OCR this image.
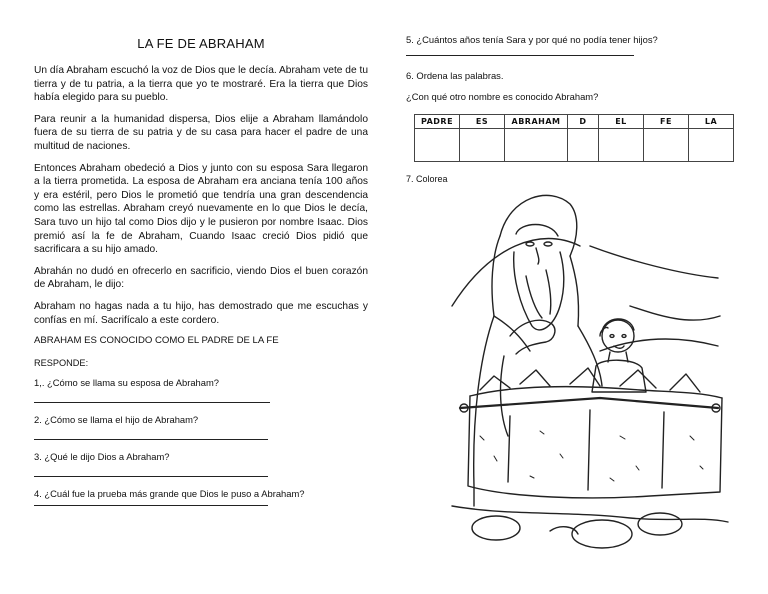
LA FE DE ABRAHAM

Un día Abraham escuchó la voz de Dios que le decía. Abraham vete de tu tierra y de tu patria, a la tierra que yo te mostraré. Era la tierra que Dios había elegido para su pueblo.

Para reunir a la humanidad dispersa, Dios elije a Abraham llamándolo fuera de su tierra de su patria y de su casa para hacer el padre de una multitud de naciones.

Entonces Abraham obedeció a Dios y junto con su esposa Sara llegaron a la tierra prometida. La esposa de Abraham era anciana tenía 100 años y era estéril, pero Dios le prometió que tendría una gran descendencia como las estrellas. Abraham creyó nuevamente en lo que Dios le decía, Sara tuvo un hijo tal como Dios dijo y le pusieron por nombre Isaac. Dios premió así la fe de Abraham, Cuando Isaac creció Dios pidió que sacrificara a su hijo amado.

Abrahán no dudó en ofrecerlo en sacrificio, viendo Dios el buen corazón de Abraham, le dijo:

Abraham no hagas nada a tu hijo, has demostrado que me escuchas y confías en mí. Sacrifícalo a este cordero.

ABRAHAM ES CONOCIDO COMO EL PADRE DE LA FE

RESPONDE:

1,. ¿Cómo se llama su esposa de Abraham?

2. ¿Cómo se llama el hijo de Abraham?

3. ¿Qué le dijo Dios a Abraham?

4. ¿Cuál fue la prueba más grande que Dios le puso a Abraham?

5. ¿Cuántos años tenía Sara y por qué no podía tener hijos?

6. Ordena las palabras.

¿Con qué otro nombre es conocido Abraham?

PADRE	ES	ABRAHAM	D	EL	FE	LA

7. Colorea
